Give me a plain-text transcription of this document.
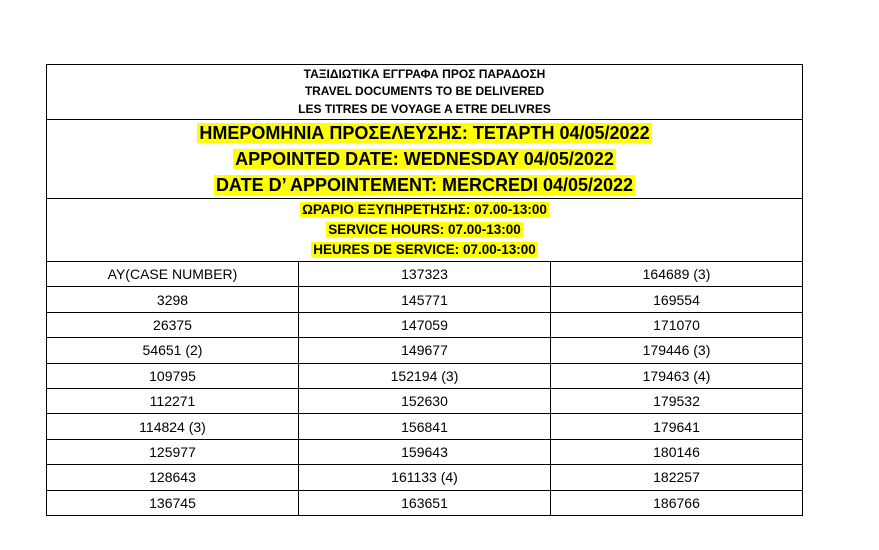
ΤΑΞΙΔΙΩΤΙΚΑ ΕΓΓΡΑΦΑ ΠΡΟΣ ΠΑΡΑΔΟΣΗ
TRAVEL DOCUMENTS TO BE DELIVERED
LES TITRES DE VOYAGE A ETRE DELIVRES		

ΗΜΕΡΟΜΗΝΙΑ ΠΡΟΣΕΛΕΥΣΗΣ: ΤΕΤΑΡΤΗ 04/05/2022
APPOINTED DATE: WEDNESDAY 04/05/2022
DATE D’ APPOINTEMENT: MERCREDI 04/05/2022		

ΩΡΑΡΙΟ ΕΞΥΠΗΡΕΤΗΣΗΣ: 07.00-13:00
SERVICE HOURS: 07.00-13:00
HEURES DE SERVICE: 07.00-13:00		

AY(CASE NUMBER)	137323	164689 (3)
3298	145771	169554
26375	147059	171070
54651 (2)	149677	179446 (3)
109795	152194 (3)	179463 (4)
112271	152630	179532
114824 (3)	156841	179641
125977	159643	180146
128643	161133 (4)	182257
136745	163651	186766
